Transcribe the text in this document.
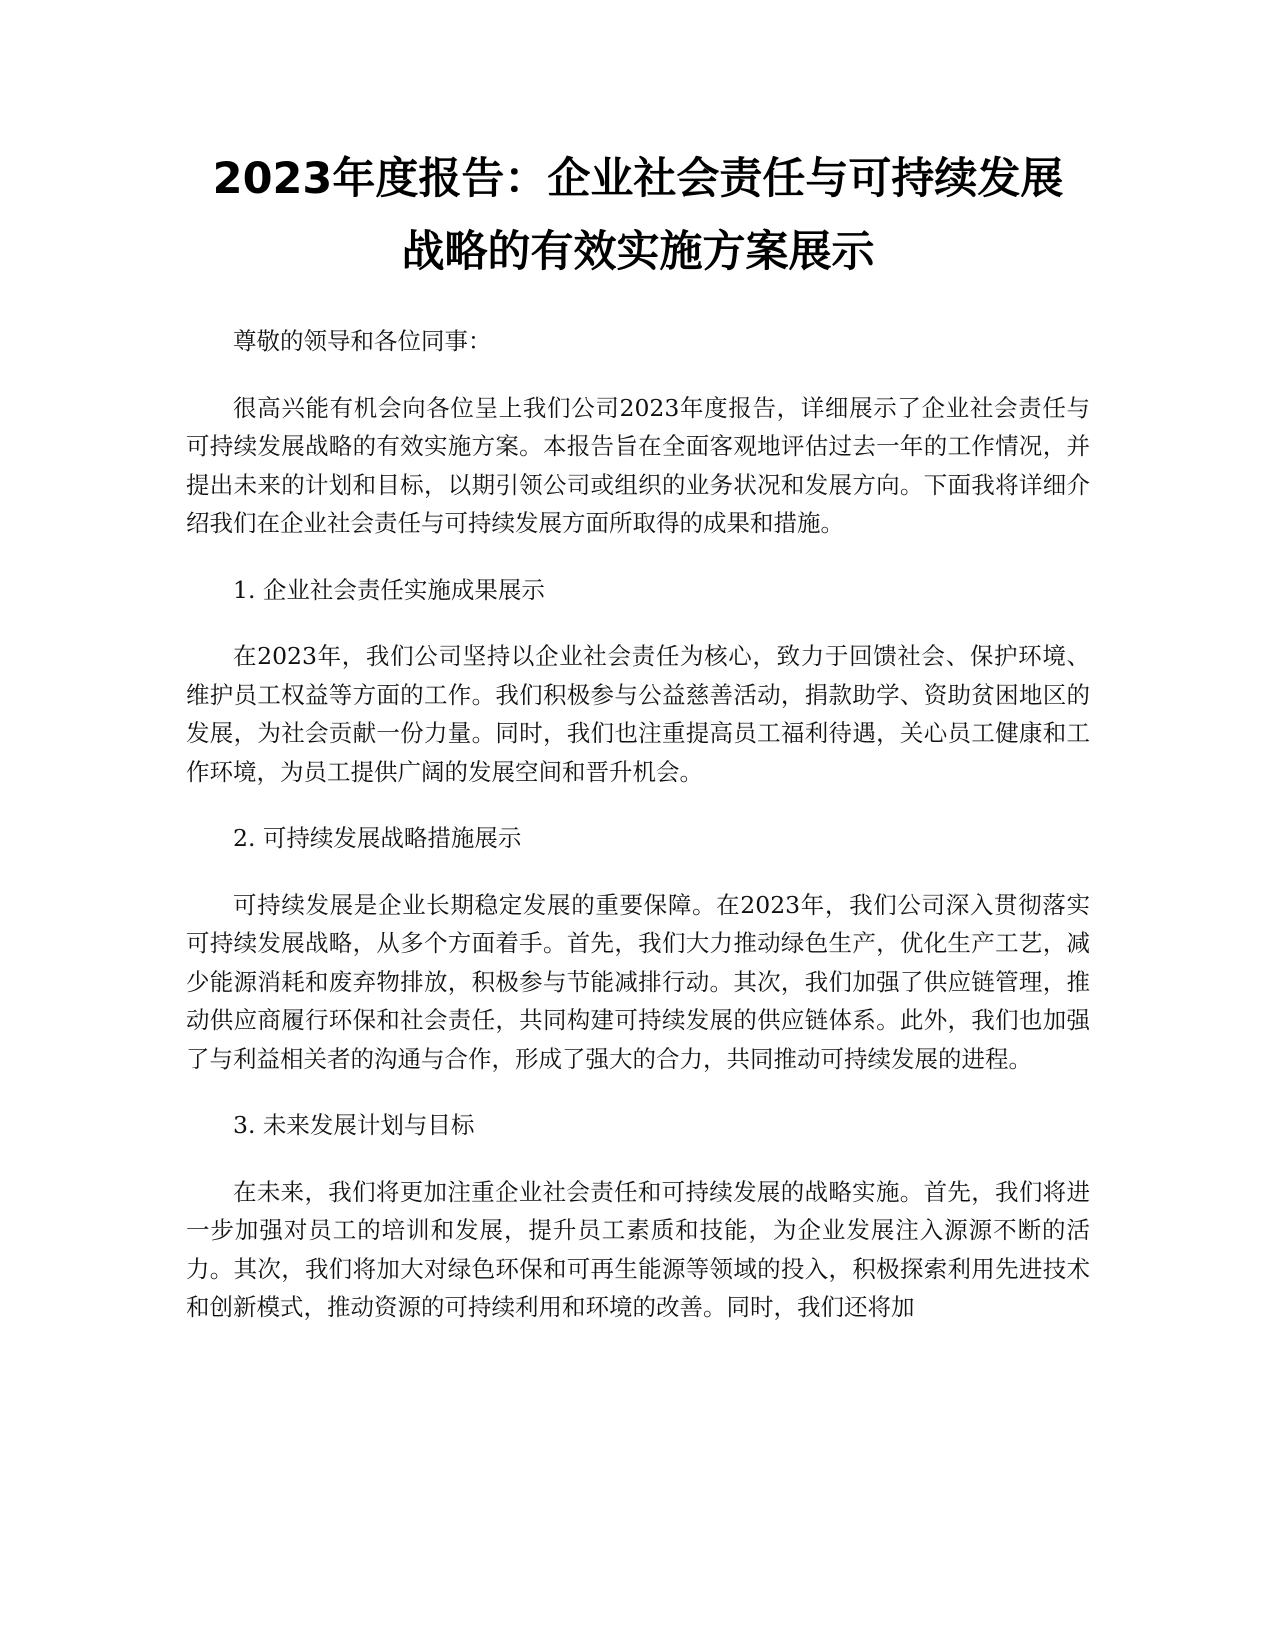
2023年度报告：企业社会责任与可持续发展
战略的有效实施方案展示

尊敬的领导和各位同事：

很高兴能有机会向各位呈上我们公司2023年度报告，详细展示了企业社会责任与可持续发展战略的有效实施方案。本报告旨在全面客观地评估过去一年的工作情况，并提出未来的计划和目标，以期引领公司或组织的业务状况和发展方向。下面我将详细介绍我们在企业社会责任与可持续发展方面所取得的成果和措施。

1. 企业社会责任实施成果展示

在2023年，我们公司坚持以企业社会责任为核心，致力于回馈社会、保护环境、维护员工权益等方面的工作。我们积极参与公益慈善活动，捐款助学、资助贫困地区的发展，为社会贡献一份力量。同时，我们也注重提高员工福利待遇，关心员工健康和工作环境，为员工提供广阔的发展空间和晋升机会。

2. 可持续发展战略措施展示

可持续发展是企业长期稳定发展的重要保障。在2023年，我们公司深入贯彻落实可持续发展战略，从多个方面着手。首先，我们大力推动绿色生产，优化生产工艺，减少能源消耗和废弃物排放，积极参与节能减排行动。其次，我们加强了供应链管理，推动供应商履行环保和社会责任，共同构建可持续发展的供应链体系。此外，我们也加强了与利益相关者的沟通与合作，形成了强大的合力，共同推动可持续发展的进程。

3. 未来发展计划与目标

在未来，我们将更加注重企业社会责任和可持续发展的战略实施。首先，我们将进一步加强对员工的培训和发展，提升员工素质和技能，为企业发展注入源源不断的活力。其次，我们将加大对绿色环保和可再生能源等领域的投入，积极探索利用先进技术和创新模式，推动资源的可持续利用和环境的改善。同时，我们还将加
